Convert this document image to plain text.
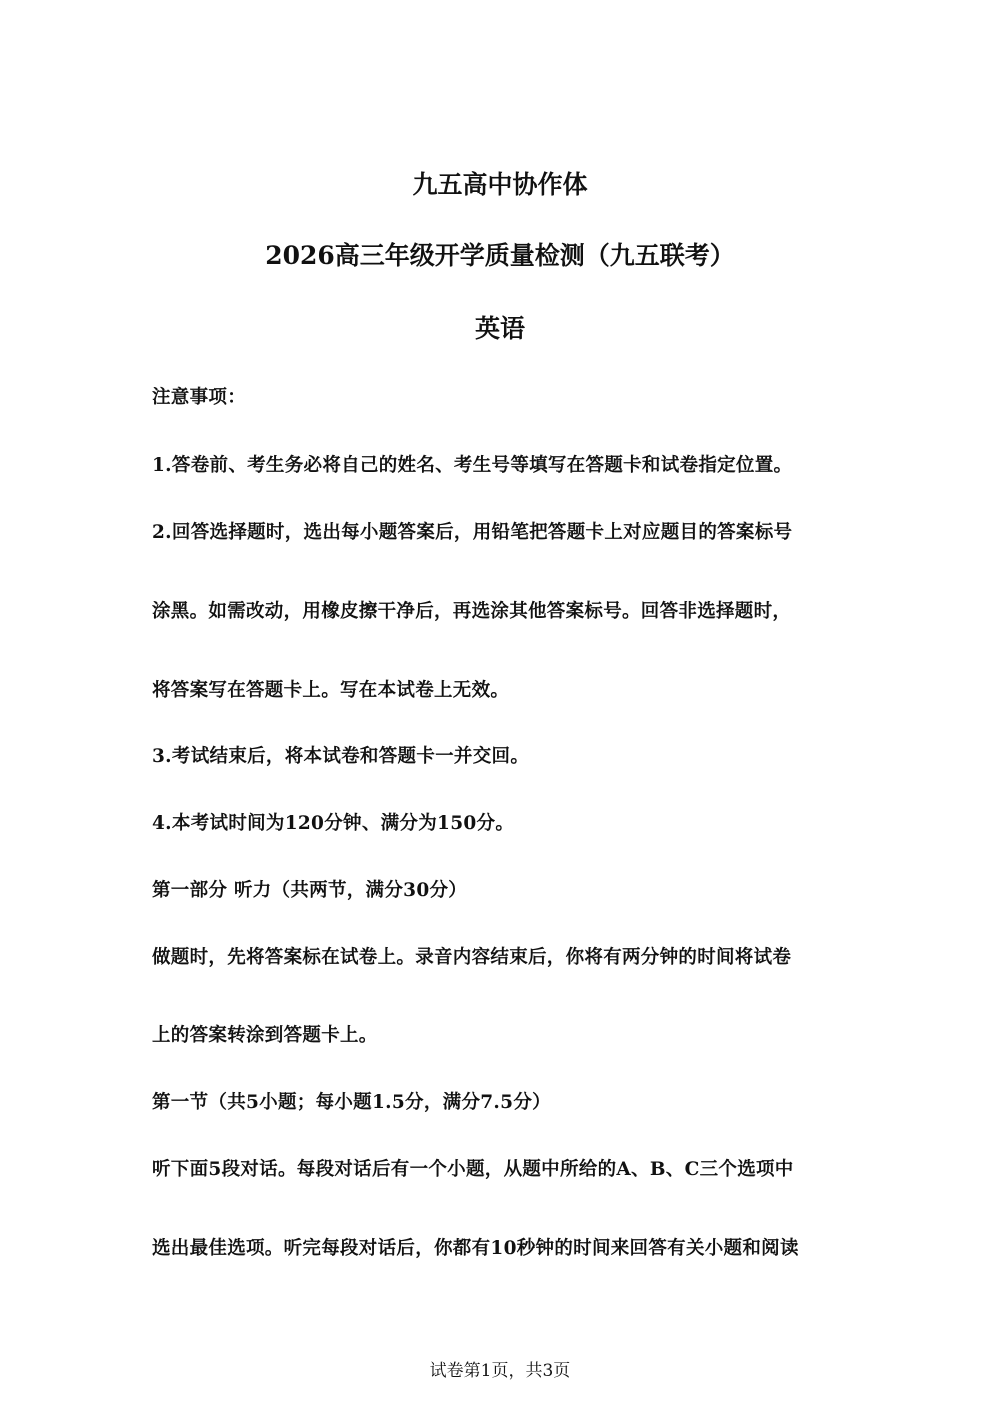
九五高中协作体
2026高三年级开学质量检测（九五联考）
英语
注意事项：
1.答卷前、考生务必将自己的姓名、考生号等填写在答题卡和试卷指定位置。
2.回答选择题时，选出每小题答案后，用铅笔把答题卡上对应题目的答案标号
涂黑。如需改动，用橡皮擦干净后，再选涂其他答案标号。回答非选择题时，
将答案写在答题卡上。写在本试卷上无效。
3.考试结束后，将本试卷和答题卡一并交回。
4.本考试时间为120分钟、满分为150分。
第一部分 听力（共两节，满分30分）
做题时，先将答案标在试卷上。录音内容结束后，你将有两分钟的时间将试卷
上的答案转涂到答题卡上。
第一节（共5小题；每小题1.5分，满分7.5分）
听下面5段对话。每段对话后有一个小题，从题中所给的A、B、C三个选项中
选出最佳选项。听完每段对话后，你都有10秒钟的时间来回答有关小题和阅读
试卷第1页，共3页
